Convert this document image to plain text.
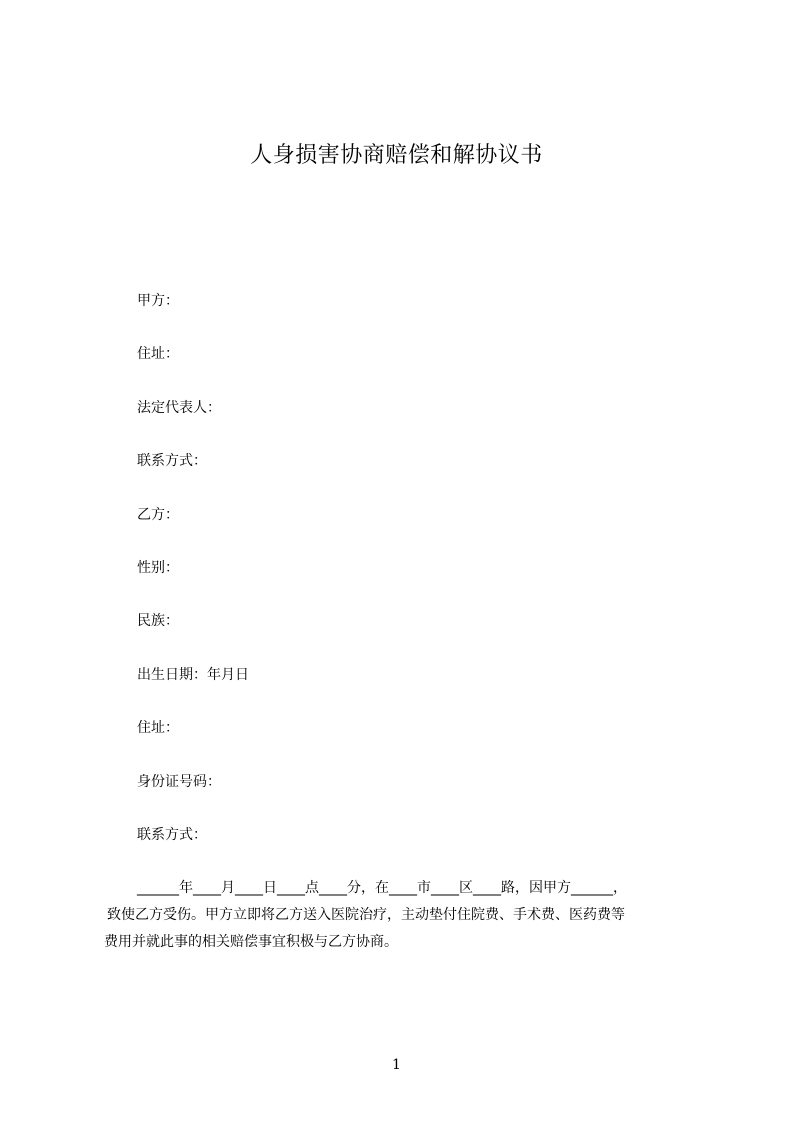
人身损害协商赔偿和解协议书
甲方：
住址：
法定代表人：
联系方式：
乙方：
性别：
民族：
出生日期：年月日
住址：
身份证号码：
联系方式：
______年____月____日____点____分，在____市____区____路，因甲方______，
致使乙方受伤。甲方立即将乙方送入医院治疗，主动垫付住院费、手术费、医药费等
费用并就此事的相关赔偿事宜积极与乙方协商。
1
